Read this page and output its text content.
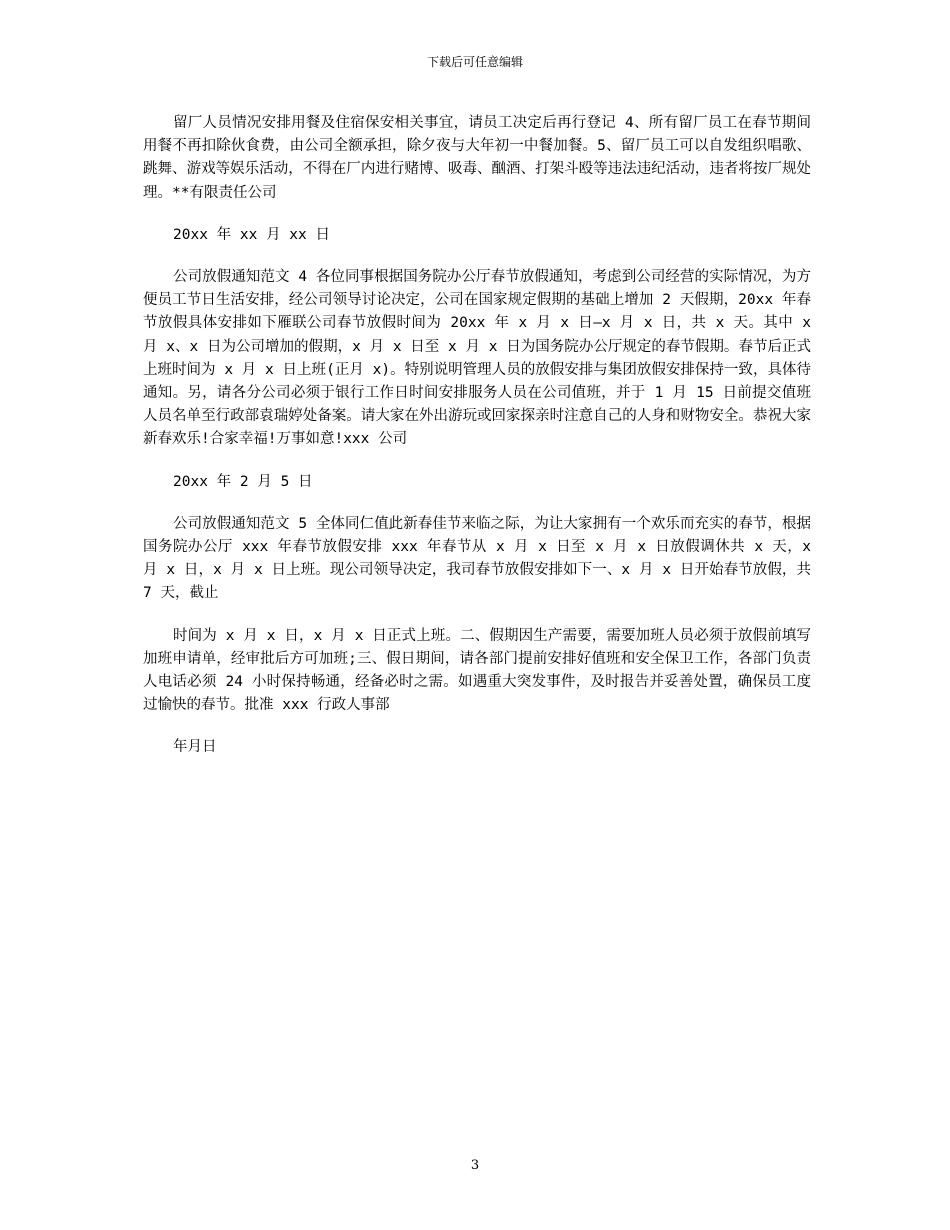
下载后可任意编辑

留厂人员情况安排用餐及住宿保安相关事宜，请员工决定后再行登记 4、所有留厂员工在春节期间用餐不再扣除伙食费，由公司全额承担，除夕夜与大年初一中餐加餐。5、留厂员工可以自发组织唱歌、跳舞、游戏等娱乐活动，不得在厂内进行赌博、吸毒、酗酒、打架斗殴等违法违纪活动，违者将按厂规处理。**有限责任公司

20xx 年 xx 月 xx 日

公司放假通知范文 4 各位同事根据国务院办公厅春节放假通知，考虑到公司经营的实际情况，为方便员工节日生活安排，经公司领导讨论决定，公司在国家规定假期的基础上增加 2 天假期，20xx 年春节放假具体安排如下雁联公司春节放假时间为 20xx 年 x 月 x 日—x 月 x 日，共 x 天。其中 x 月 x、x 日为公司增加的假期，x 月 x 日至 x 月 x 日为国务院办公厅规定的春节假期。春节后正式上班时间为 x 月 x 日上班(正月 x)。特别说明管理人员的放假安排与集团放假安排保持一致，具体待通知。另，请各分公司必须于银行工作日时间安排服务人员在公司值班，并于 1 月 15 日前提交值班人员名单至行政部袁瑞婷处备案。请大家在外出游玩或回家探亲时注意自己的人身和财物安全。恭祝大家新春欢乐!合家幸福!万事如意!xxx 公司

20xx 年 2 月 5 日

公司放假通知范文 5 全体同仁值此新春佳节来临之际，为让大家拥有一个欢乐而充实的春节，根据国务院办公厅 xxx 年春节放假安排 xxx 年春节从 x 月 x 日至 x 月 x 日放假调休共 x 天，x 月 x 日，x 月 x 日上班。现公司领导决定，我司春节放假安排如下一、x 月 x 日开始春节放假，共 7 天，截止

时间为 x 月 x 日，x 月 x 日正式上班。二、假期因生产需要，需要加班人员必须于放假前填写加班申请单，经审批后方可加班;三、假日期间，请各部门提前安排好值班和安全保卫工作，各部门负责人电话必须 24 小时保持畅通，经备必时之需。如遇重大突发事件，及时报告并妥善处置，确保员工度过愉快的春节。批准 xxx 行政人事部

年月日

3
